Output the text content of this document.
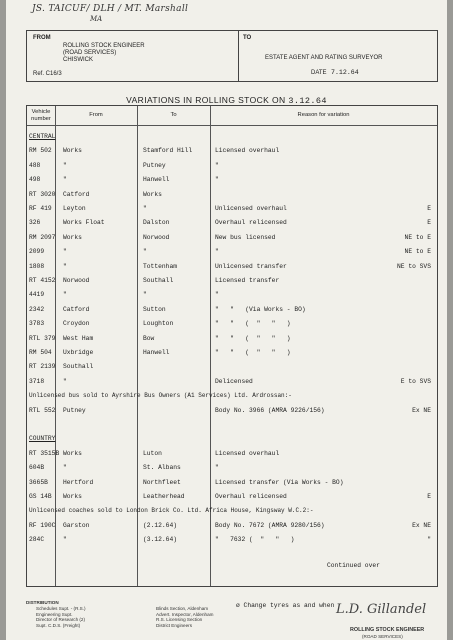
JS. TAICUF/ DLH / MT. Marshall
MA
FROM
ROLLING STOCK ENGINEER
(ROAD SERVICES)
CHISWICK
Ref. C16/3
TO
ESTATE AGENT AND RATING SURVEYOR
DATE 7.12.64
VARIATIONS IN ROLLING STOCK ON 3.12.64
Vehicle number
From	To	Reason for variation
CENTRAL
RM 502 Works	Stamford Hill	Licensed overhaul
488	"	Putney	"
498	"	Hanwell	"
RT 3020 Catford	Works
RF 419 Leyton	"	Unlicensed overhaul	E
326	Works Float	Dalston	Overhaul relicensed	E
RM 2097 Works	Norwood	New bus licensed	NE to E
2099	"	"	"	NE to E
1808	"	Tottenham	Unlicensed transfer	NE to SVS
RT 4152 Norwood	Southall	Licensed transfer
4419	"	"	"
2342	Catford	Sutton	"   "   (Via Works - BO)
3783	Croydon	Loughton	"   "   (  "   "   )
RTL 379 West Ham	Bow	"   "   (  "   "   )
RM 504 Uxbridge	Hanwell	"   "   (  "   "   )
RT 2139 Southall
3718	"	Delicensed	E to SVS
Unlicensed bus sold to Ayrshire Bus Owners (A1 Services) Ltd. Ardrossan:-
RTL 552 Putney	Body No. 3966 (AMRA 9226/156)	Ex NE
COUNTRY
RT 3515B Works	Luton	Licensed overhaul
604B	"	St. Albans	"
3665B Hertford	Northfleet	Licensed transfer (Via Works - BO)
GS 14B Works	Leatherhead	Overhaul relicensed	E
Unlicensed coaches sold to London Brick Co. Ltd. Africa House, Kingsway W.C.2:-
RF 190C Garston	(2.12.64)	Body No. 7672 (AMRA 9280/156)	Ex NE
284C	"	(3.12.64)	"   7632 (  "   "   )	"
Continued over
DISTRIBUTION
Schedules Supt. - (R.S.)
Engineering Supt.
Director of Research (2)
Supt. C.D.S. (Freight)
Blinds Section, Aldenham
Advert. Inspector, Aldenham
R.S. Licensing Section
District Engineers
ø Change tyres as and when L.D. Gillandel
ROLLING STOCK ENGINEER
(ROAD SERVICES)
